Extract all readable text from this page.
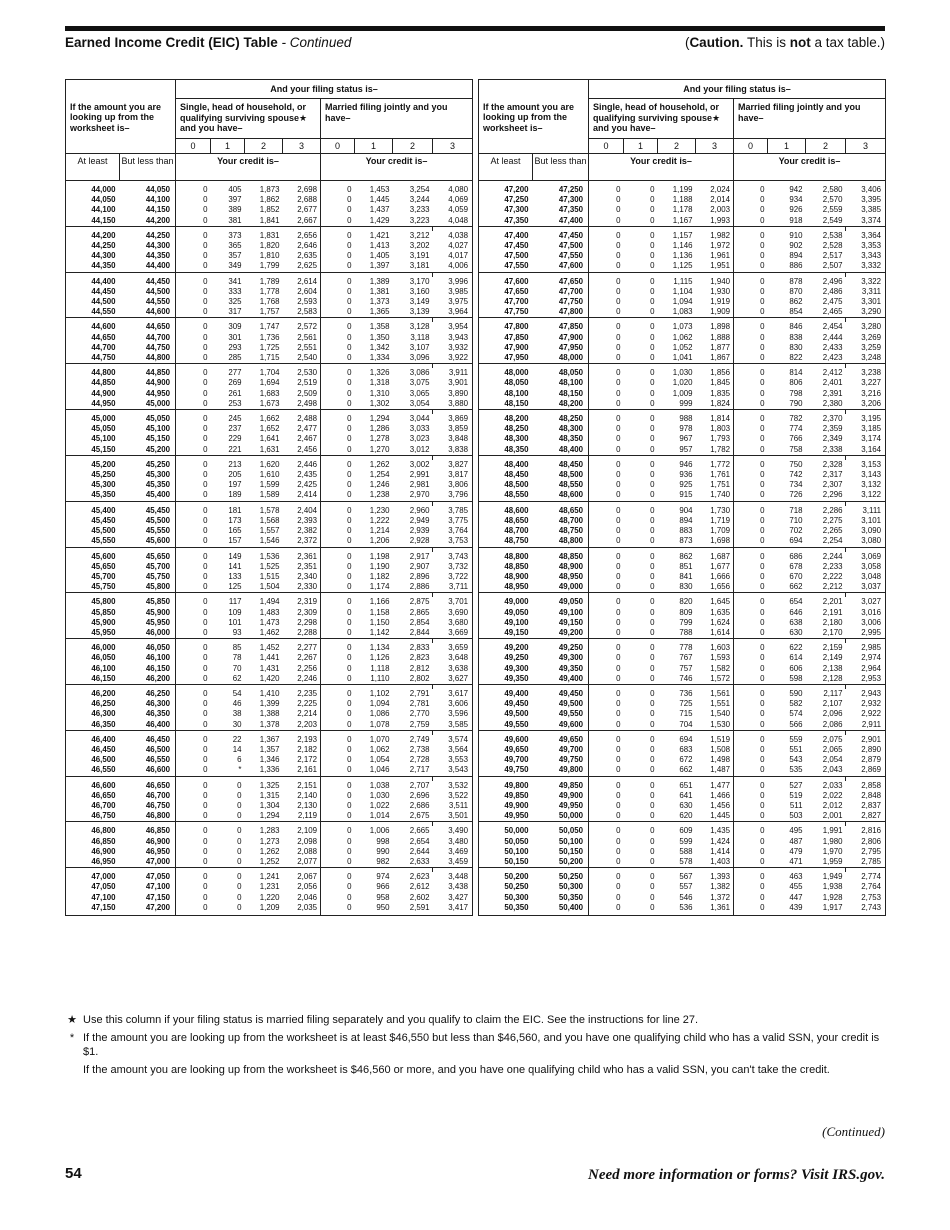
Earned Income Credit (EIC) Table - Continued	(Caution. This is not a tax table.)
		And your filing status is–							
If the amount you are looking up from the worksheet is–		Single, head of household, or qualifying surviving spouse★ and you have–				Married filing jointly and you have–			
		0	1	2	3	0	1	2	3
At least	But less than	Your credit is–				Your credit is–			

44,000	44,050	0	405	1,873	2,698	0	1,453	3,254	4,080
44,050	44,100	0	397	1,862	2,688	0	1,445	3,244	4,069
44,100	44,150	0	389	1,852	2,677	0	1,437	3,233	4,059
44,150	44,200	0	381	1,841	2,667	0	1,429	3,223	4,048

44,200	44,250	0	373	1,831	2,656	0	1,421	3,212	4,038
44,250	44,300	0	365	1,820	2,646	0	1,413	3,202	4,027
44,300	44,350	0	357	1,810	2,635	0	1,405	3,191	4,017
44,350	44,400	0	349	1,799	2,625	0	1,397	3,181	4,006

44,400	44,450	0	341	1,789	2,614	0	1,389	3,170	3,996
44,450	44,500	0	333	1,778	2,604	0	1,381	3,160	3,985
44,500	44,550	0	325	1,768	2,593	0	1,373	3,149	3,975
44,550	44,600	0	317	1,757	2,583	0	1,365	3,139	3,964

44,600	44,650	0	309	1,747	2,572	0	1,358	3,128	3,954
44,650	44,700	0	301	1,736	2,561	0	1,350	3,118	3,943
44,700	44,750	0	293	1,725	2,551	0	1,342	3,107	3,932
44,750	44,800	0	285	1,715	2,540	0	1,334	3,096	3,922

44,800	44,850	0	277	1,704	2,530	0	1,326	3,086	3,911
44,850	44,900	0	269	1,694	2,519	0	1,318	3,075	3,901
44,900	44,950	0	261	1,683	2,509	0	1,310	3,065	3,890
44,950	45,000	0	253	1,673	2,498	0	1,302	3,054	3,880

45,000	45,050	0	245	1,662	2,488	0	1,294	3,044	3,869
45,050	45,100	0	237	1,652	2,477	0	1,286	3,033	3,859
45,100	45,150	0	229	1,641	2,467	0	1,278	3,023	3,848
45,150	45,200	0	221	1,631	2,456	0	1,270	3,012	3,838

45,200	45,250	0	213	1,620	2,446	0	1,262	3,002	3,827
45,250	45,300	0	205	1,610	2,435	0	1,254	2,991	3,817
45,300	45,350	0	197	1,599	2,425	0	1,246	2,981	3,806
45,350	45,400	0	189	1,589	2,414	0	1,238	2,970	3,796

45,400	45,450	0	181	1,578	2,404	0	1,230	2,960	3,785
45,450	45,500	0	173	1,568	2,393	0	1,222	2,949	3,775
45,500	45,550	0	165	1,557	2,382	0	1,214	2,939	3,764
45,550	45,600	0	157	1,546	2,372	0	1,206	2,928	3,753

45,600	45,650	0	149	1,536	2,361	0	1,198	2,917	3,743
45,650	45,700	0	141	1,525	2,351	0	1,190	2,907	3,732
45,700	45,750	0	133	1,515	2,340	0	1,182	2,896	3,722
45,750	45,800	0	125	1,504	2,330	0	1,174	2,886	3,711

45,800	45,850	0	117	1,494	2,319	0	1,166	2,875	3,701
45,850	45,900	0	109	1,483	2,309	0	1,158	2,865	3,690
45,900	45,950	0	101	1,473	2,298	0	1,150	2,854	3,680
45,950	46,000	0	93	1,462	2,288	0	1,142	2,844	3,669

46,000	46,050	0	85	1,452	2,277	0	1,134	2,833	3,659
46,050	46,100	0	78	1,441	2,267	0	1,126	2,823	3,648
46,100	46,150	0	70	1,431	2,256	0	1,118	2,812	3,638
46,150	46,200	0	62	1,420	2,246	0	1,110	2,802	3,627

46,200	46,250	0	54	1,410	2,235	0	1,102	2,791	3,617
46,250	46,300	0	46	1,399	2,225	0	1,094	2,781	3,606
46,300	46,350	0	38	1,388	2,214	0	1,086	2,770	3,596
46,350	46,400	0	30	1,378	2,203	0	1,078	2,759	3,585

46,400	46,450	0	22	1,367	2,193	0	1,070	2,749	3,574
46,450	46,500	0	14	1,357	2,182	0	1,062	2,738	3,564
46,500	46,550	0	6	1,346	2,172	0	1,054	2,728	3,553
46,550	46,600	0	*	1,336	2,161	0	1,046	2,717	3,543

46,600	46,650	0	0	1,325	2,151	0	1,038	2,707	3,532
46,650	46,700	0	0	1,315	2,140	0	1,030	2,696	3,522
46,700	46,750	0	0	1,304	2,130	0	1,022	2,686	3,511
46,750	46,800	0	0	1,294	2,119	0	1,014	2,675	3,501

46,800	46,850	0	0	1,283	2,109	0	1,006	2,665	3,490
46,850	46,900	0	0	1,273	2,098	0	998	2,654	3,480
46,900	46,950	0	0	1,262	2,088	0	990	2,644	3,469
46,950	47,000	0	0	1,252	2,077	0	982	2,633	3,459

47,000	47,050	0	0	1,241	2,067	0	974	2,623	3,448
47,050	47,100	0	0	1,231	2,056	0	966	2,612	3,438
47,100	47,150	0	0	1,220	2,046	0	958	2,602	3,427
47,150	47,200	0	0	1,209	2,035	0	950	2,591	3,417

		And your filing status is–							
If the amount you are looking up from the worksheet is–		Single, head of household, or qualifying surviving spouse★ and you have–				Married filing jointly and you have–			
		0	1	2	3	0	1	2	3
At least	But less than	Your credit is–				Your credit is–			

47,200	47,250	0	0	1,199	2,024	0	942	2,580	3,406
47,250	47,300	0	0	1,188	2,014	0	934	2,570	3,395
47,300	47,350	0	0	1,178	2,003	0	926	2,559	3,385
47,350	47,400	0	0	1,167	1,993	0	918	2,549	3,374

47,400	47,450	0	0	1,157	1,982	0	910	2,538	3,364
47,450	47,500	0	0	1,146	1,972	0	902	2,528	3,353
47,500	47,550	0	0	1,136	1,961	0	894	2,517	3,343
47,550	47,600	0	0	1,125	1,951	0	886	2,507	3,332

47,600	47,650	0	0	1,115	1,940	0	878	2,496	3,322
47,650	47,700	0	0	1,104	1,930	0	870	2,486	3,311
47,700	47,750	0	0	1,094	1,919	0	862	2,475	3,301
47,750	47,800	0	0	1,083	1,909	0	854	2,465	3,290

47,800	47,850	0	0	1,073	1,898	0	846	2,454	3,280
47,850	47,900	0	0	1,062	1,888	0	838	2,444	3,269
47,900	47,950	0	0	1,052	1,877	0	830	2,433	3,259
47,950	48,000	0	0	1,041	1,867	0	822	2,423	3,248

48,000	48,050	0	0	1,030	1,856	0	814	2,412	3,238
48,050	48,100	0	0	1,020	1,845	0	806	2,401	3,227
48,100	48,150	0	0	1,009	1,835	0	798	2,391	3,216
48,150	48,200	0	0	999	1,824	0	790	2,380	3,206

48,200	48,250	0	0	988	1,814	0	782	2,370	3,195
48,250	48,300	0	0	978	1,803	0	774	2,359	3,185
48,300	48,350	0	0	967	1,793	0	766	2,349	3,174
48,350	48,400	0	0	957	1,782	0	758	2,338	3,164

48,400	48,450	0	0	946	1,772	0	750	2,328	3,153
48,450	48,500	0	0	936	1,761	0	742	2,317	3,143
48,500	48,550	0	0	925	1,751	0	734	2,307	3,132
48,550	48,600	0	0	915	1,740	0	726	2,296	3,122

48,600	48,650	0	0	904	1,730	0	718	2,286	3,111
48,650	48,700	0	0	894	1,719	0	710	2,275	3,101
48,700	48,750	0	0	883	1,709	0	702	2,265	3,090
48,750	48,800	0	0	873	1,698	0	694	2,254	3,080

48,800	48,850	0	0	862	1,687	0	686	2,244	3,069
48,850	48,900	0	0	851	1,677	0	678	2,233	3,058
48,900	48,950	0	0	841	1,666	0	670	2,222	3,048
48,950	49,000	0	0	830	1,656	0	662	2,212	3,037

49,000	49,050	0	0	820	1,645	0	654	2,201	3,027
49,050	49,100	0	0	809	1,635	0	646	2,191	3,016
49,100	49,150	0	0	799	1,624	0	638	2,180	3,006
49,150	49,200	0	0	788	1,614	0	630	2,170	2,995

49,200	49,250	0	0	778	1,603	0	622	2,159	2,985
49,250	49,300	0	0	767	1,593	0	614	2,149	2,974
49,300	49,350	0	0	757	1,582	0	606	2,138	2,964
49,350	49,400	0	0	746	1,572	0	598	2,128	2,953

49,400	49,450	0	0	736	1,561	0	590	2,117	2,943
49,450	49,500	0	0	725	1,551	0	582	2,107	2,932
49,500	49,550	0	0	715	1,540	0	574	2,096	2,922
49,550	49,600	0	0	704	1,530	0	566	2,086	2,911

49,600	49,650	0	0	694	1,519	0	559	2,075	2,901
49,650	49,700	0	0	683	1,508	0	551	2,065	2,890
49,700	49,750	0	0	672	1,498	0	543	2,054	2,879
49,750	49,800	0	0	662	1,487	0	535	2,043	2,869

49,800	49,850	0	0	651	1,477	0	527	2,033	2,858
49,850	49,900	0	0	641	1,466	0	519	2,022	2,848
49,900	49,950	0	0	630	1,456	0	511	2,012	2,837
49,950	50,000	0	0	620	1,445	0	503	2,001	2,827

50,000	50,050	0	0	609	1,435	0	495	1,991	2,816
50,050	50,100	0	0	599	1,424	0	487	1,980	2,806
50,100	50,150	0	0	588	1,414	0	479	1,970	2,795
50,150	50,200	0	0	578	1,403	0	471	1,959	2,785

50,200	50,250	0	0	567	1,393	0	463	1,949	2,774
50,250	50,300	0	0	557	1,382	0	455	1,938	2,764
50,300	50,350	0	0	546	1,372	0	447	1,928	2,753
50,350	50,400	0	0	536	1,361	0	439	1,917	2,743

★ Use this column if your filing status is married filing separately and you qualify to claim the EIC. See the instructions for line 27.
* If the amount you are looking up from the worksheet is at least $46,550 but less than $46,560, and you have one qualifying child who has a valid SSN, your credit is $1.
If the amount you are looking up from the worksheet is $46,560 or more, and you have one qualifying child who has a valid SSN, you can't take the credit.
(Continued)
54	Need more information or forms? Visit IRS.gov.
